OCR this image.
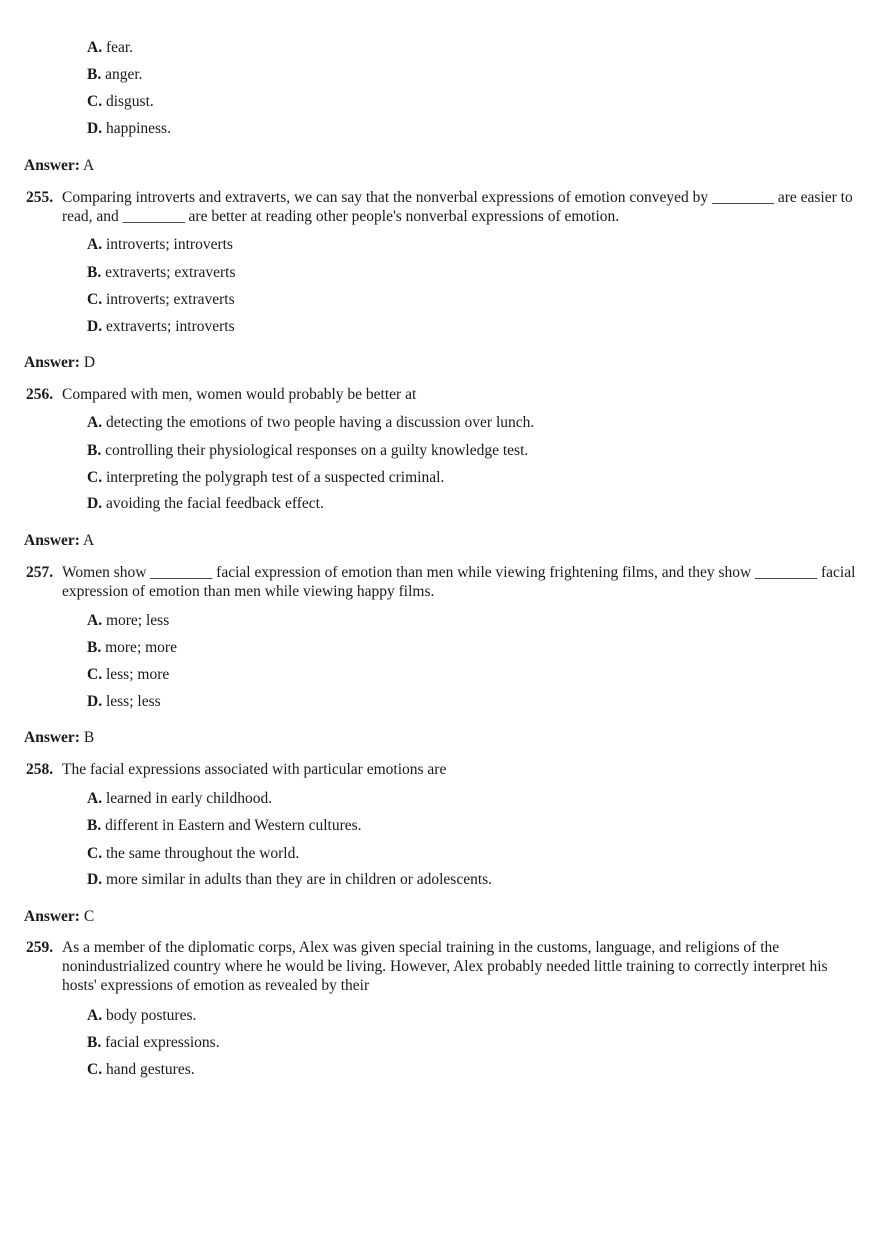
A. fear.
B. anger.
C. disgust.
D. happiness.
Answer: A
255. Comparing introverts and extraverts, we can say that the nonverbal expressions of emotion conveyed by ________ are easier to read, and ________ are better at reading other people's nonverbal expressions of emotion.
A. introverts; introverts
B. extraverts; extraverts
C. introverts; extraverts
D. extraverts; introverts
Answer: D
256. Compared with men, women would probably be better at
A. detecting the emotions of two people having a discussion over lunch.
B. controlling their physiological responses on a guilty knowledge test.
C. interpreting the polygraph test of a suspected criminal.
D. avoiding the facial feedback effect.
Answer: A
257. Women show ________ facial expression of emotion than men while viewing frightening films, and they show ________ facial expression of emotion than men while viewing happy films.
A. more; less
B. more; more
C. less; more
D. less; less
Answer: B
258. The facial expressions associated with particular emotions are
A. learned in early childhood.
B. different in Eastern and Western cultures.
C. the same throughout the world.
D. more similar in adults than they are in children or adolescents.
Answer: C
259. As a member of the diplomatic corps, Alex was given special training in the customs, language, and religions of the nonindustrialized country where he would be living. However, Alex probably needed little training to correctly interpret his hosts' expressions of emotion as revealed by their
A. body postures.
B. facial expressions.
C. hand gestures.
